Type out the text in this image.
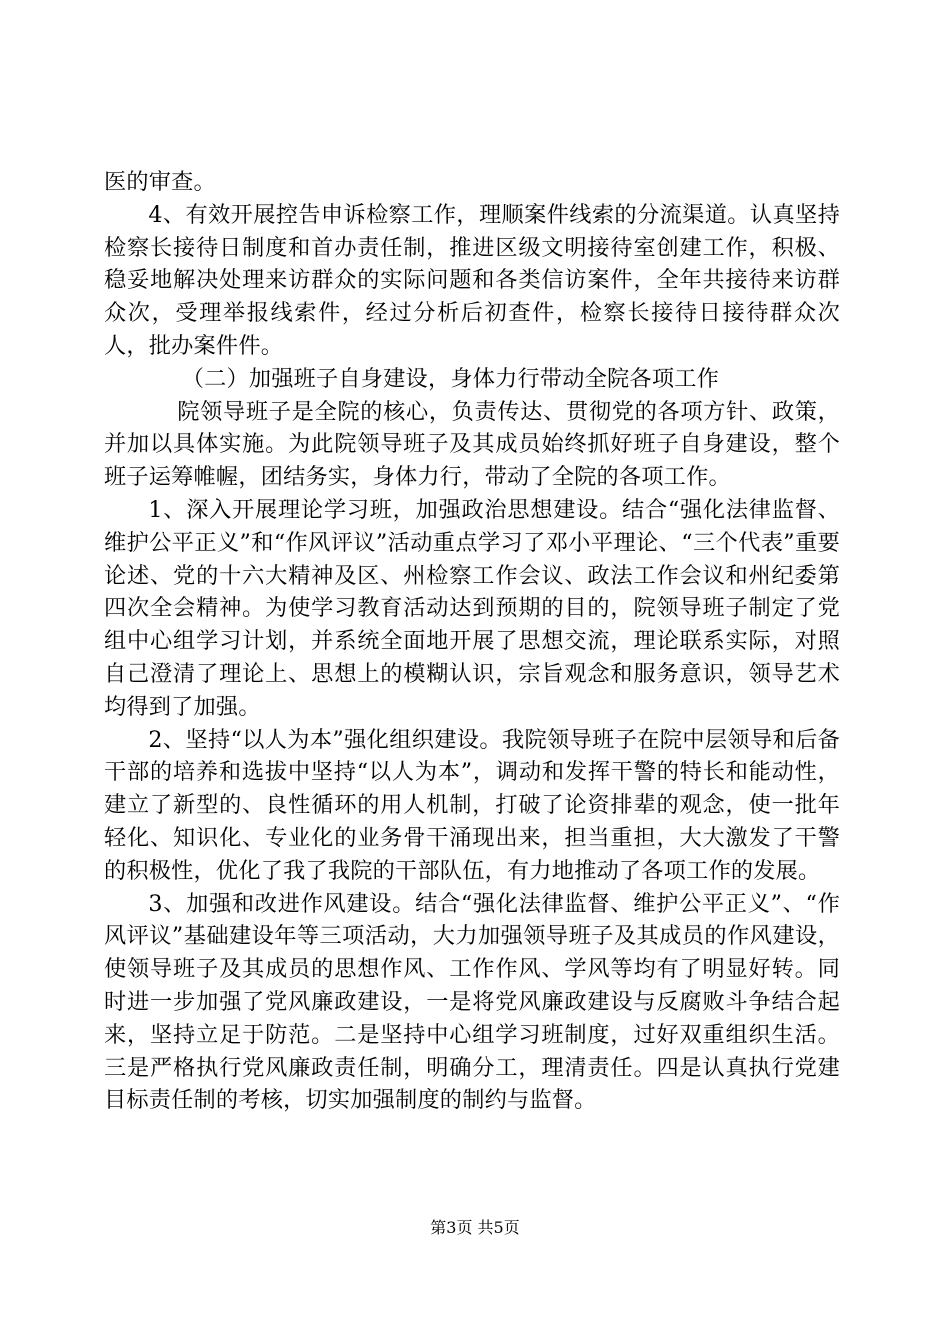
医的审查。

4、有效开展控告申诉检察工作，理顺案件线索的分流渠道。认真坚持检察长接待日制度和首办责任制，推进区级文明接待室创建工作，积极、稳妥地解决处理来访群众的实际问题和各类信访案件，全年共接待来访群众次，受理举报线索件，经过分析后初查件，检察长接待日接待群众次人，批办案件件。

（二）加强班子自身建设，身体力行带动全院各项工作

院领导班子是全院的核心，负责传达、贯彻党的各项方针、政策，并加以具体实施。为此院领导班子及其成员始终抓好班子自身建设，整个班子运筹帷幄，团结务实，身体力行，带动了全院的各项工作。

1、深入开展理论学习班，加强政治思想建设。结合“强化法律监督、维护公平正义”和“作风评议”活动重点学习了邓小平理论、“三个代表”重要论述、党的十六大精神及区、州检察工作会议、政法工作会议和州纪委第四次全会精神。为使学习教育活动达到预期的目的，院领导班子制定了党组中心组学习计划，并系统全面地开展了思想交流，理论联系实际，对照自己澄清了理论上、思想上的模糊认识，宗旨观念和服务意识，领导艺术均得到了加强。

2、坚持“以人为本”强化组织建设。我院领导班子在院中层领导和后备干部的培养和选拔中坚持“以人为本”，调动和发挥干警的特长和能动性，建立了新型的、良性循环的用人机制，打破了论资排辈的观念，使一批年轻化、知识化、专业化的业务骨干涌现出来，担当重担，大大激发了干警的积极性，优化了我了我院的干部队伍，有力地推动了各项工作的发展。

3、加强和改进作风建设。结合“强化法律监督、维护公平正义”、“作风评议”基础建设年等三项活动，大力加强领导班子及其成员的作风建设，使领导班子及其成员的思想作风、工作作风、学风等均有了明显好转。同时进一步加强了党风廉政建设，一是将党风廉政建设与反腐败斗争结合起来，坚持立足于防范。二是坚持中心组学习班制度，过好双重组织生活。三是严格执行党风廉政责任制，明确分工，理清责任。四是认真执行党建目标责任制的考核，切实加强制度的制约与监督。

第3页 共5页
